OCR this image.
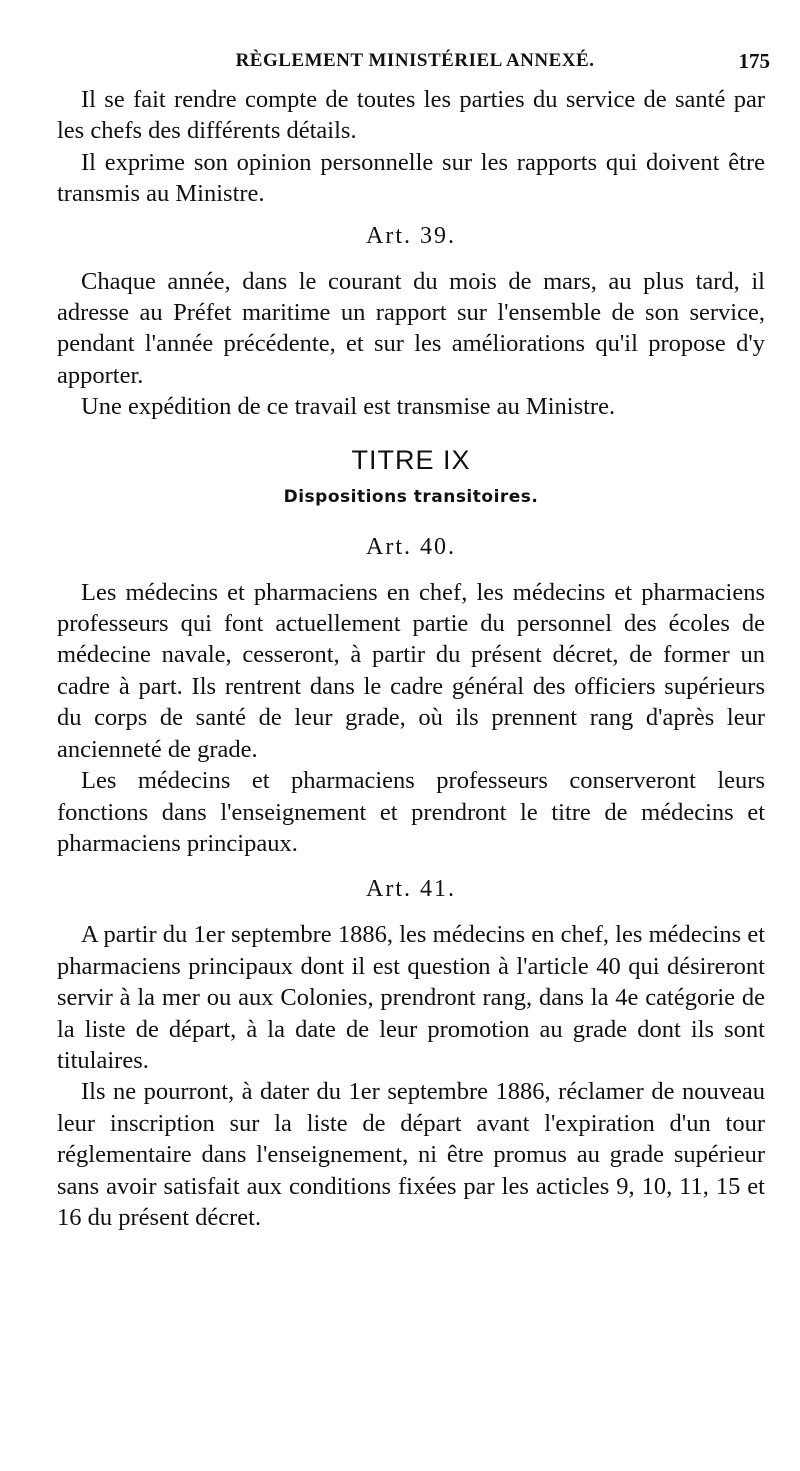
RÈGLEMENT MINISTÉRIEL ANNEXÉ.	175

Il se fait rendre compte de toutes les parties du service de santé par les chefs des différents détails.

Il exprime son opinion personnelle sur les rapports qui doivent être transmis au Ministre.

Art. 39.

Chaque année, dans le courant du mois de mars, au plus tard, il adresse au Préfet maritime un rapport sur l'ensemble de son service, pendant l'année précédente, et sur les améliorations qu'il propose d'y apporter.

Une expédition de ce travail est transmise au Ministre.

TITRE IX
Dispositions transitoires.
Art. 40.

Les médecins et pharmaciens en chef, les médecins et pharmaciens professeurs qui font actuellement partie du personnel des écoles de médecine navale, cesseront, à partir du présent décret, de former un cadre à part. Ils rentrent dans le cadre général des officiers supérieurs du corps de santé de leur grade, où ils prennent rang d'après leur ancienneté de grade.

Les médecins et pharmaciens professeurs conserveront leurs fonctions dans l'enseignement et prendront le titre de médecins et pharmaciens principaux.

Art. 41.

A partir du 1er septembre 1886, les médecins en chef, les médecins et pharmaciens principaux dont il est question à l'article 40 qui désireront servir à la mer ou aux Colonies, prendront rang, dans la 4e catégorie de la liste de départ, à la date de leur promotion au grade dont ils sont titulaires.

Ils ne pourront, à dater du 1er septembre 1886, réclamer de nouveau leur inscription sur la liste de départ avant l'expiration d'un tour réglementaire dans l'enseignement, ni être promus au grade supérieur sans avoir satisfait aux conditions fixées par les acticles 9, 10, 11, 15 et 16 du présent décret.
